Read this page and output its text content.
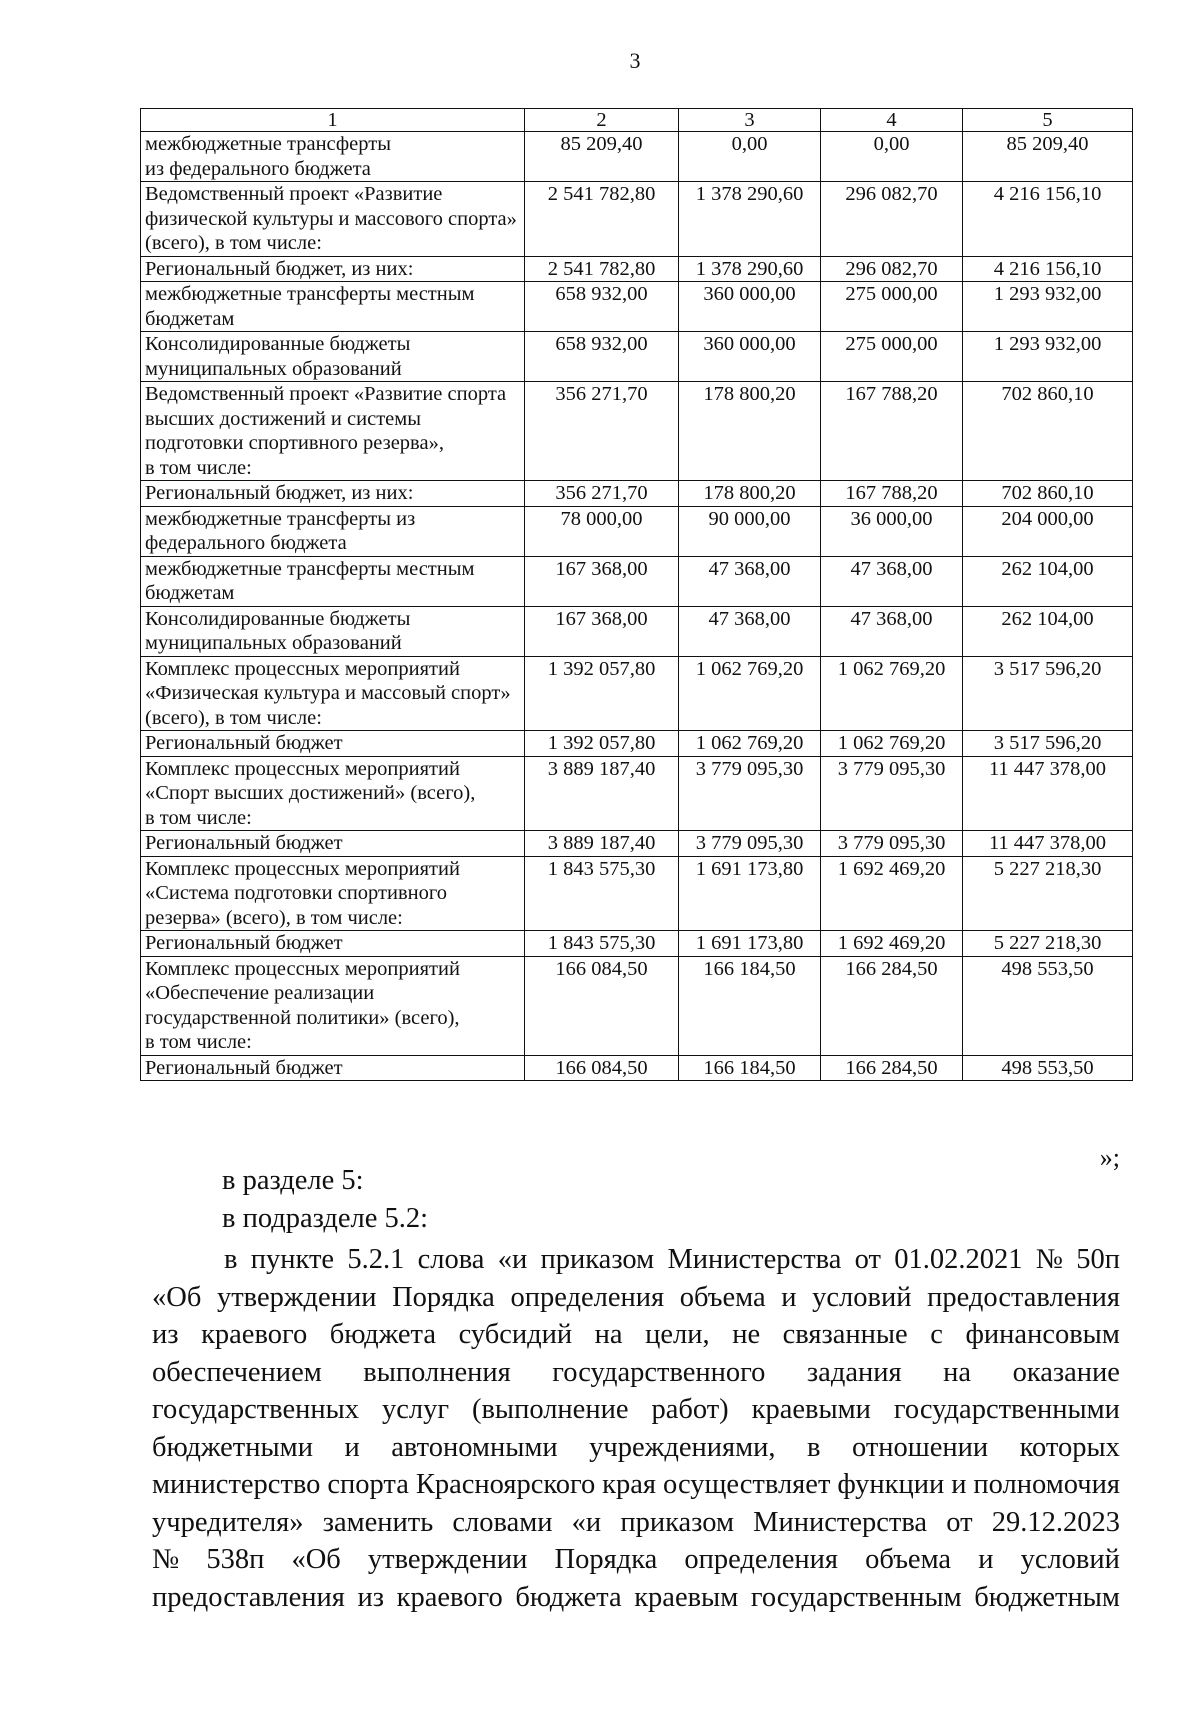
3
1	2	3	4	5
межбюджетные трансферты
из федерального бюджета	85 209,40	0,00	0,00	85 209,40
Ведомственный проект «Развитие физической культуры и массового спорта» (всего), в том числе:	2 541 782,80	1 378 290,60	296 082,70	4 216 156,10
Региональный бюджет, из них:	2 541 782,80	1 378 290,60	296 082,70	4 216 156,10
межбюджетные трансферты местным бюджетам	658 932,00	360 000,00	275 000,00	1 293 932,00
Консолидированные бюджеты муниципальных образований	658 932,00	360 000,00	275 000,00	1 293 932,00
Ведомственный проект «Развитие спорта высших достижений и системы подготовки спортивного резерва»,
в том числе:	356 271,70	178 800,20	167 788,20	702 860,10
Региональный бюджет, из них:	356 271,70	178 800,20	167 788,20	702 860,10
межбюджетные трансферты из федерального бюджета	78 000,00	90 000,00	36 000,00	204 000,00
межбюджетные трансферты местным бюджетам	167 368,00	47 368,00	47 368,00	262 104,00
Консолидированные бюджеты муниципальных образований	167 368,00	47 368,00	47 368,00	262 104,00
Комплекс процессных мероприятий «Физическая культура и массовый спорт» (всего), в том числе:	1 392 057,80	1 062 769,20	1 062 769,20	3 517 596,20
Региональный бюджет	1 392 057,80	1 062 769,20	1 062 769,20	3 517 596,20
Комплекс процессных мероприятий «Спорт высших достижений» (всего),
в том числе:	3 889 187,40	3 779 095,30	3 779 095,30	11 447 378,00
Региональный бюджет	3 889 187,40	3 779 095,30	3 779 095,30	11 447 378,00
Комплекс процессных мероприятий «Система подготовки спортивного резерва» (всего), в том числе:	1 843 575,30	1 691 173,80	1 692 469,20	5 227 218,30
Региональный бюджет	1 843 575,30	1 691 173,80	1 692 469,20	5 227 218,30
Комплекс процессных мероприятий «Обеспечение реализации государственной политики» (всего),
в том числе:	166 084,50	166 184,50	166 284,50	498 553,50
Региональный бюджет	166 084,50	166 184,50	166 284,50	498 553,50
»;
в разделе 5:
в подразделе 5.2:
в пункте 5.2.1 слова «и приказом Министерства от 01.02.2021 № 50п
«Об утверждении Порядка определения объема и условий предоставления
из краевого бюджета субсидий на цели, не связанные с финансовым
обеспечением выполнения государственного задания на оказание
государственных услуг (выполнение работ) краевыми государственными
бюджетными и автономными учреждениями, в отношении которых
министерство спорта Красноярского края осуществляет функции и полномочия
учредителя» заменить словами «и приказом Министерства от 29.12.2023
№ 538п «Об утверждении Порядка определения объема и условий
предоставления из краевого бюджета краевым государственным бюджетным
